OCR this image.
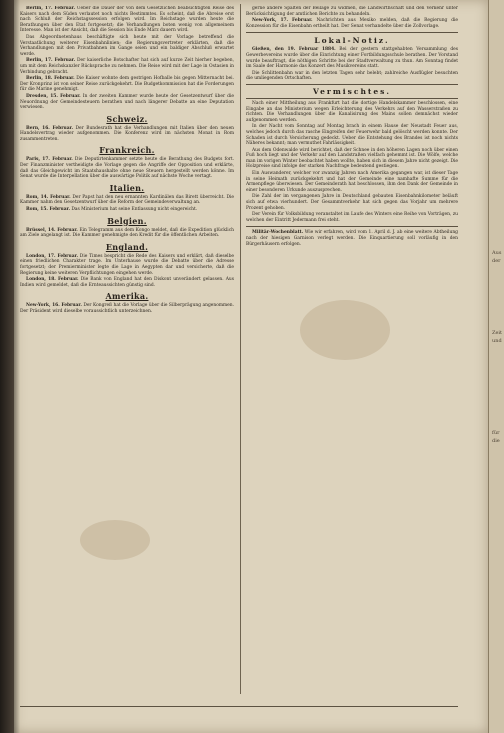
Aus
der
Zeit
und
für
die

Berlin, 17. Februar. Ueber die Dauer der von dem Gesetzlichen beabsichtigten Reise des Kaisers nach dem Süden verlautet noch nichts Bestimmtes. Es scheint, daß die Abreise erst nach Schluß der Reichstagssession erfolgen wird. Im Reichstage wurden heute die Berathungen über den Etat fortgesetzt; die Verhandlungen boten wenig von allgemeinem Interesse. Man ist der Ansicht, daß die Session bis Ende März dauern wird.

Das Abgeordnetenhaus beschäftigte sich heute mit der Vorlage betreffend die Verstaatlichung weiterer Eisenbahnlinien; die Regierungsvertreter erklärten, daß die Verhandlungen mit den Privatbahnen im Gange seien und ein baldiger Abschluß erwartet werde.

Berlin, 17. Februar. Der kaiserliche Botschafter hat sich auf kurze Zeit hierher begeben, um mit dem Reichskanzler Rücksprache zu nehmen. Die Reise wird mit der Lage in Ostasien in Verbindung gebracht.

Berlin, 18. Februar. Die Kaiser wohnte dem gestrigen Hofballe bis gegen Mitternacht bei. Der Kronprinz ist von seiner Reise zurückgekehrt. Die Budgetkommission hat die Forderungen für die Marine genehmigt.

Dresden, 15. Februar. In der zweiten Kammer wurde heute der Gesetzentwurf über die Neuordnung der Gemeindesteuern berathen und nach längerer Debatte an eine Deputation verwiesen.

Schweiz.

Bern, 16. Februar. Der Bundesrath hat die Verhandlungen mit Italien über den neuen Handelsvertrag wieder aufgenommen. Die Konferenz wird im nächsten Monat in Rom zusammentreten.

Frankreich.

Paris, 17. Februar. Die Deputirtenkammer setzte heute die Berathung des Budgets fort. Der Finanzminister vertheidigte die Vorlage gegen die Angriffe der Opposition und erklärte, daß das Gleichgewicht im Staatshaushalte ohne neue Steuern hergestellt werden könne. Im Senat wurde die Interpellation über die auswärtige Politik auf nächste Woche vertagt.

Italien.

Rom, 14. Februar. Der Papst hat den neu ernannten Kardinälen das Birett überreicht. Die Kammer nahm den Gesetzentwurf über die Reform der Gemeindeverwaltung an.

Rom, 15. Februar. Das Ministerium hat seine Entlassung nicht eingereicht.

Belgien.

Brüssel, 14. Februar. Ein Telegramm aus dem Kongo meldet, daß die Expedition glücklich am Ziele angelangt ist. Die Kammer genehmigte den Kredit für die öffentlichen Arbeiten.

England.

London, 17. Februar. Die Times bespricht die Rede des Kaisers und erklärt, daß dieselbe einen friedlichen Charakter trage. Im Unterhause wurde die Debatte über die Adresse fortgesetzt; der Premierminister legte die Lage in Aegypten dar und versicherte, daß die Regierung keine weiteren Verpflichtungen eingehen werde.

London, 18. Februar. Die Bank von England hat den Diskont unverändert gelassen. Aus Indien wird gemeldet, daß die Ernteaussichten günstig sind.

Amerika.

New-York, 16. Februar. Der Kongreß hat die Vorlage über die Silberprägung angenommen. Der Präsident wird dieselbe voraussichtlich unterzeichnen.

gerne andere Spalten der Beilage zu widmen, die Landwirthschaft und den Verkehr unter Berücksichtigung der amtlichen Berichte zu behandeln.

New-York, 17. Februar. Nachrichten aus Mexiko melden, daß die Regierung die Konzession für die Eisenbahn ertheilt hat. Der Senat verhandelte über die Zollvorlage.

Lokal-Notiz.

Gießen, den 19. Februar 1884. Bei der gestern stattgehabten Versammlung des Gewerbevereins wurde über die Einrichtung einer Fortbildungsschule berathen. Der Vorstand wurde beauftragt, die nöthigen Schritte bei der Stadtverwaltung zu thun. Am Sonntag findet im Saale der Harmonie das Konzert des Musikvereins statt.

Die Schlittenbahn war in den letzten Tagen sehr belebt; zahlreiche Ausflügler besuchten die umliegenden Ortschaften.

Vermischtes.

Nach einer Mittheilung aus Frankfurt hat die dortige Handelskammer beschlossen, eine Eingabe an das Ministerium wegen Erleichterung des Verkehrs auf den Wasserstraßen zu richten. Die Verhandlungen über die Kanalisirung des Mains sollen demnächst wieder aufgenommen werden.

In der Nacht vom Sonntag auf Montag brach in einem Hause der Neustadt Feuer aus, welches jedoch durch das rasche Eingreifen der Feuerwehr bald gelöscht werden konnte. Der Schaden ist durch Versicherung gedeckt. Ueber die Entstehung des Brandes ist noch nichts Näheres bekannt; man vermuthet Fahrlässigkeit.

Aus dem Odenwalde wird berichtet, daß der Schnee in den höheren Lagen noch über einen Fuß hoch liegt und der Verkehr auf den Landstraßen vielfach gehemmt ist. Die Wölfe, welche man im vorigen Winter beobachtet haben wollte, haben sich in diesem Jahre nicht gezeigt. Die Holzpreise sind infolge der starken Nachfrage bedeutend gestiegen.

Ein Auswanderer, welcher vor zwanzig Jahren nach Amerika gegangen war, ist dieser Tage in seine Heimath zurückgekehrt und hat der Gemeinde eine namhafte Summe für die Armenpflege überwiesen. Der Gemeinderath hat beschlossen, ihm den Dank der Gemeinde in einer besonderen Urkunde auszusprechen.

Die Zahl der im vergangenen Jahre in Deutschland gebauten Eisenbahnkilometer beläuft sich auf etwa vierhundert. Der Gesammtverkehr hat sich gegen das Vorjahr um mehrere Prozent gehoben.

Der Verein für Volksbildung veranstaltet im Laufe des Winters eine Reihe von Vorträgen, zu welchen der Eintritt Jedermann frei steht.

Militär-Wochenblatt. Wie wir erfahren, wird vom 1. April d. J. ab eine weitere Abtheilung nach der hiesigen Garnison verlegt werden. Die Einquartierung soll vorläufig in den Bürgerhäusern erfolgen.
